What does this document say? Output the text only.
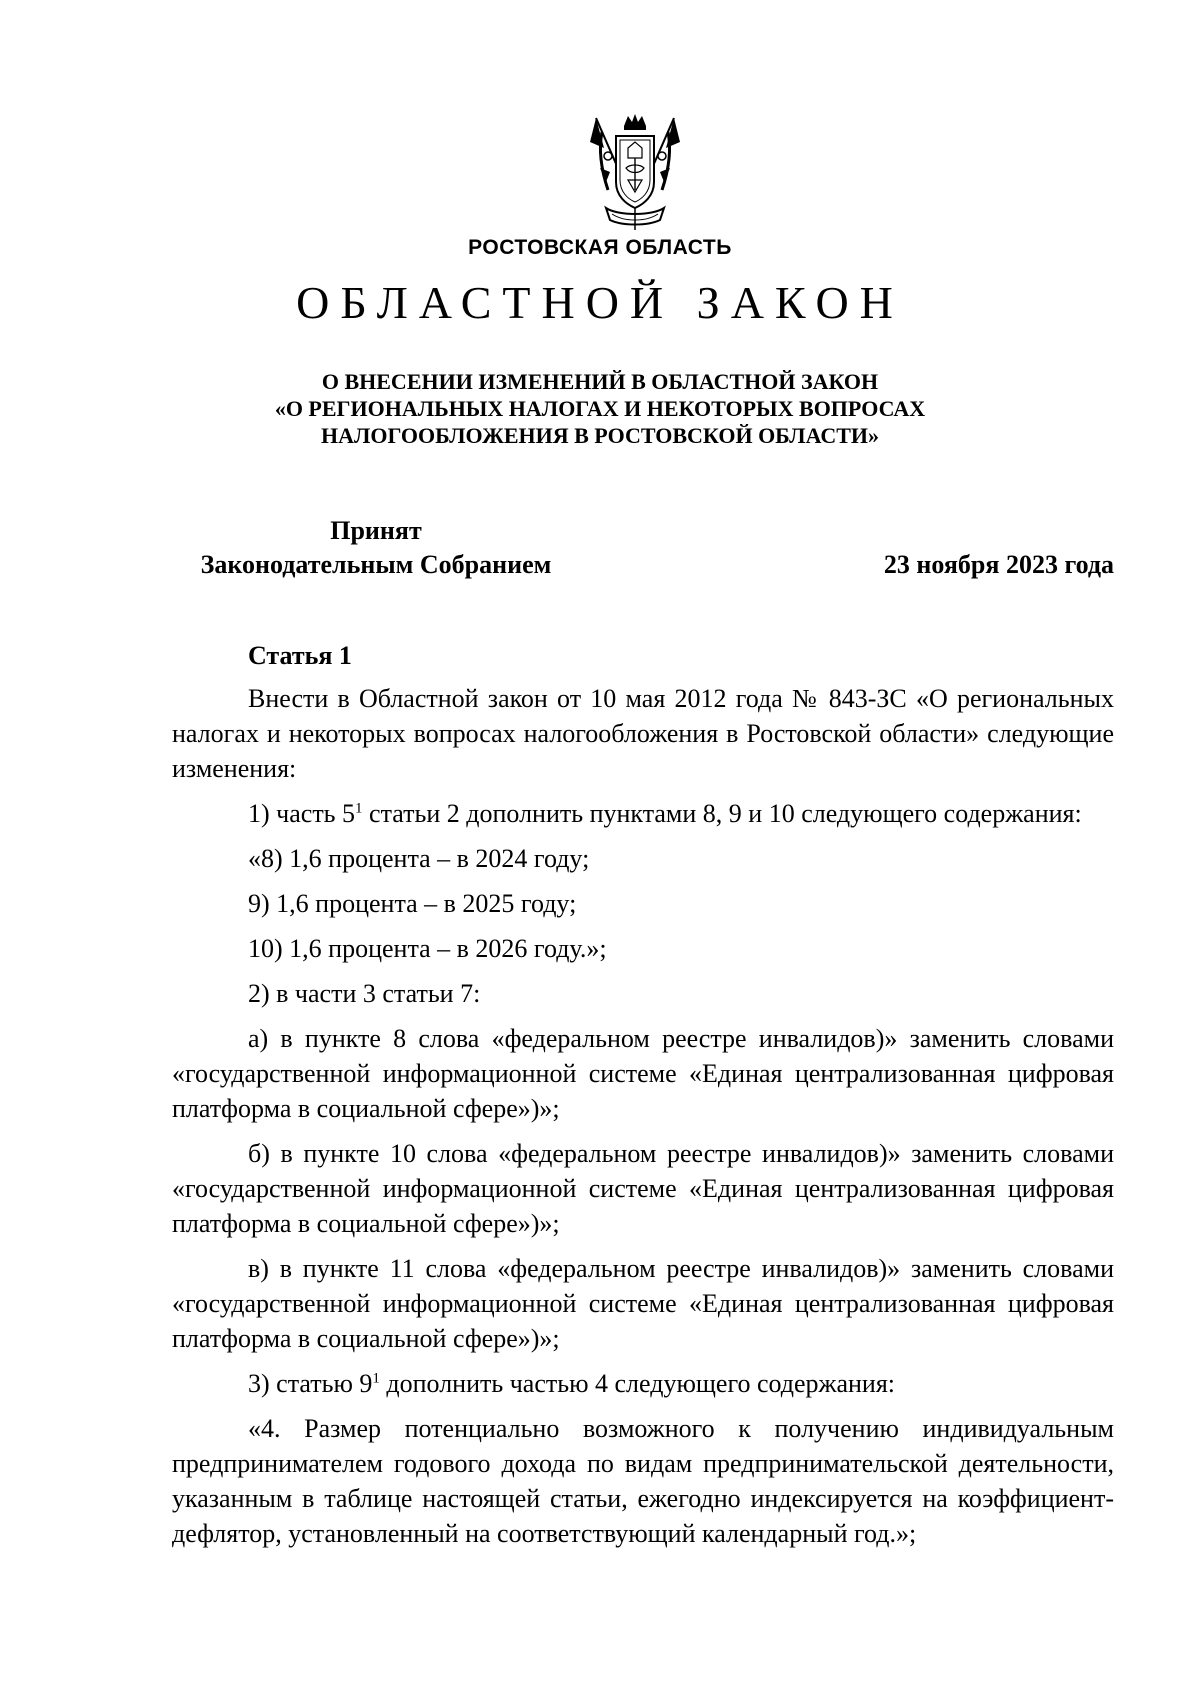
РОСТОВСКАЯ ОБЛАСТЬ
ОБЛАСТНОЙ ЗАКОН
О ВНЕСЕНИИ ИЗМЕНЕНИЙ В ОБЛАСТНОЙ ЗАКОН
«О РЕГИОНАЛЬНЫХ НАЛОГАХ И НЕКОТОРЫХ ВОПРОСАХ
НАЛОГООБЛОЖЕНИЯ В РОСТОВСКОЙ ОБЛАСТИ»
Принят
Законодательным Собранием	23 ноября 2023 года

Статья 1

Внести в Областной закон от 10 мая 2012 года № 843-ЗС «О региональных налогах и некоторых вопросах налогообложения в Ростовской области» следующие изменения:

1) часть $5^1$ статьи 2 дополнить пунктами 8, 9 и 10 следующего содержания:

«8) 1,6 процента – в 2024 году;

9) 1,6 процента – в 2025 году;

10) 1,6 процента – в 2026 году.»;

2) в части 3 статьи 7:

а) в пункте 8 слова «федеральном реестре инвалидов)» заменить словами «государственной информационной системе «Единая централизованная цифровая платформа в социальной сфере»)»;

б) в пункте 10 слова «федеральном реестре инвалидов)» заменить словами «государственной информационной системе «Единая централизованная цифровая платформа в социальной сфере»)»;

в) в пункте 11 слова «федеральном реестре инвалидов)» заменить словами «государственной информационной системе «Единая централизованная цифровая платформа в социальной сфере»)»;

3) статью $9^1$ дополнить частью 4 следующего содержания:

«4. Размер потенциально возможного к получению индивидуальным предпринимателем годового дохода по видам предпринимательской деятельности, указанным в таблице настоящей статьи, ежегодно индексируется на коэффициент-дефлятор, установленный на соответствующий календарный год.»;
